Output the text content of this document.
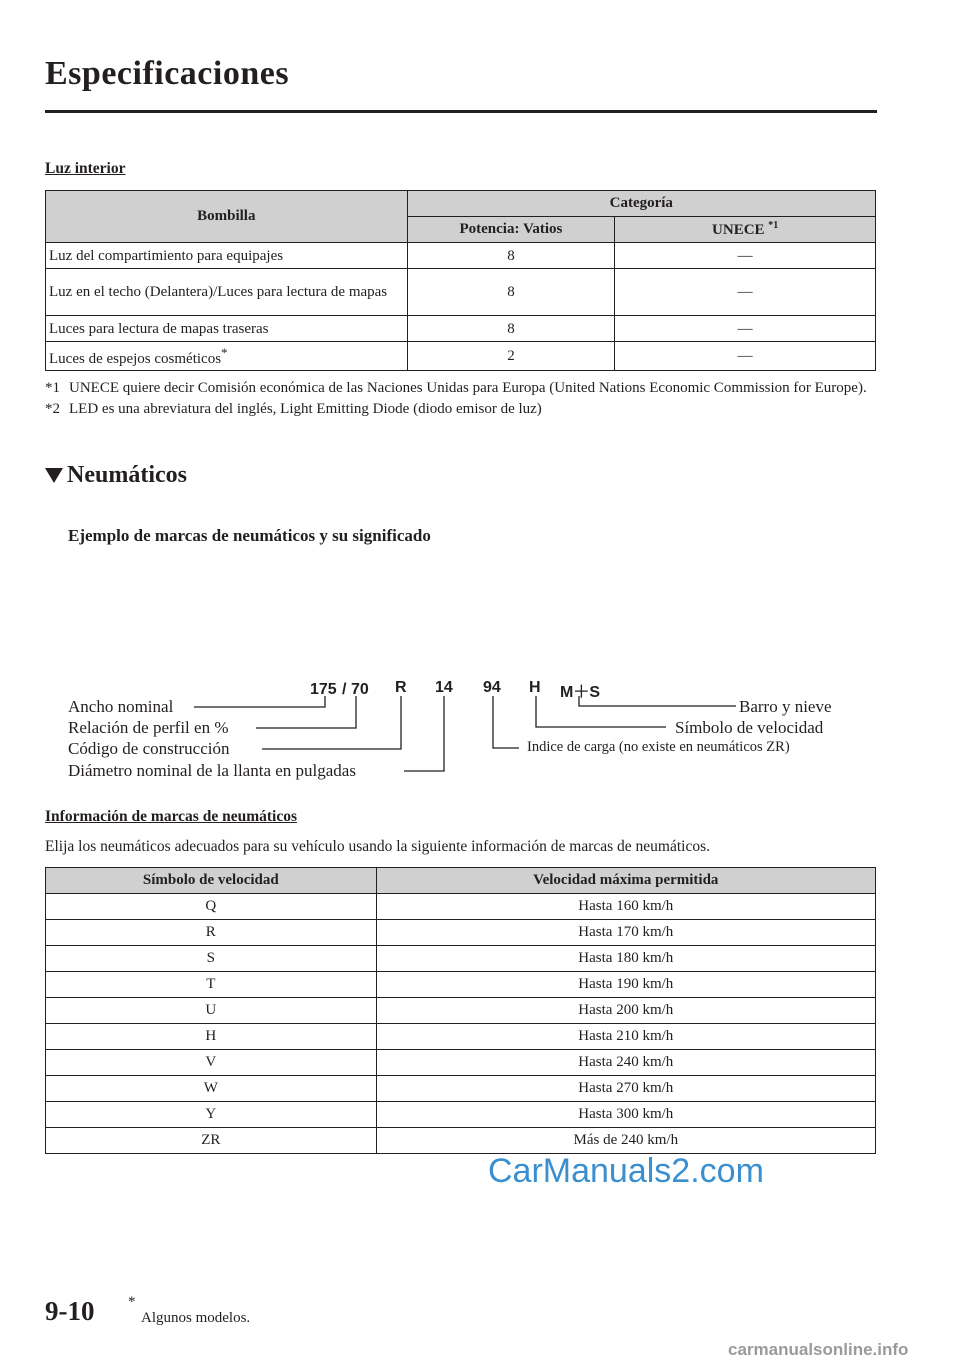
Especificaciones
Luz interior
Bombilla	Categoría	
	Potencia: Vatios	UNECE $^{*1}$
Luz del compartimiento para equipajes	8	—
Luz en el techo (Delantera)/Luces para lectura de mapas	8	—
Luces para lectura de mapas traseras	8	—
Luces de espejos cosméticos*	2	—
*1 UNECE quiere decir Comisión económica de las Naciones Unidas para Europa (United Nations Economic Commission for Europe).
*2 LED es una abreviatura del inglés, Light Emitting Diode (diodo emisor de luz)
Neumáticos
Ejemplo de marcas de neumáticos y su significado
175 / 70 R 14 94 H M＋S
Ancho nominal
Relación de perfil en %
Código de construcción
Diámetro nominal de la llanta en pulgadas
Barro y nieve
Símbolo de velocidad
Indice de carga (no existe en neumáticos ZR)
Información de marcas de neumáticos
Elija los neumáticos adecuados para su vehículo usando la siguiente información de marcas de neumáticos.
Símbolo de velocidad	Velocidad máxima permitida
Q	Hasta 160 km/h
R	Hasta 170 km/h
S	Hasta 180 km/h
T	Hasta 190 km/h
U	Hasta 200 km/h
H	Hasta 210 km/h
V	Hasta 240 km/h
W	Hasta 270 km/h
Y	Hasta 300 km/h
ZR	Más de 240 km/h
CarManuals2.com
9-10 *
Algunos modelos.
carmanualsonline.info
